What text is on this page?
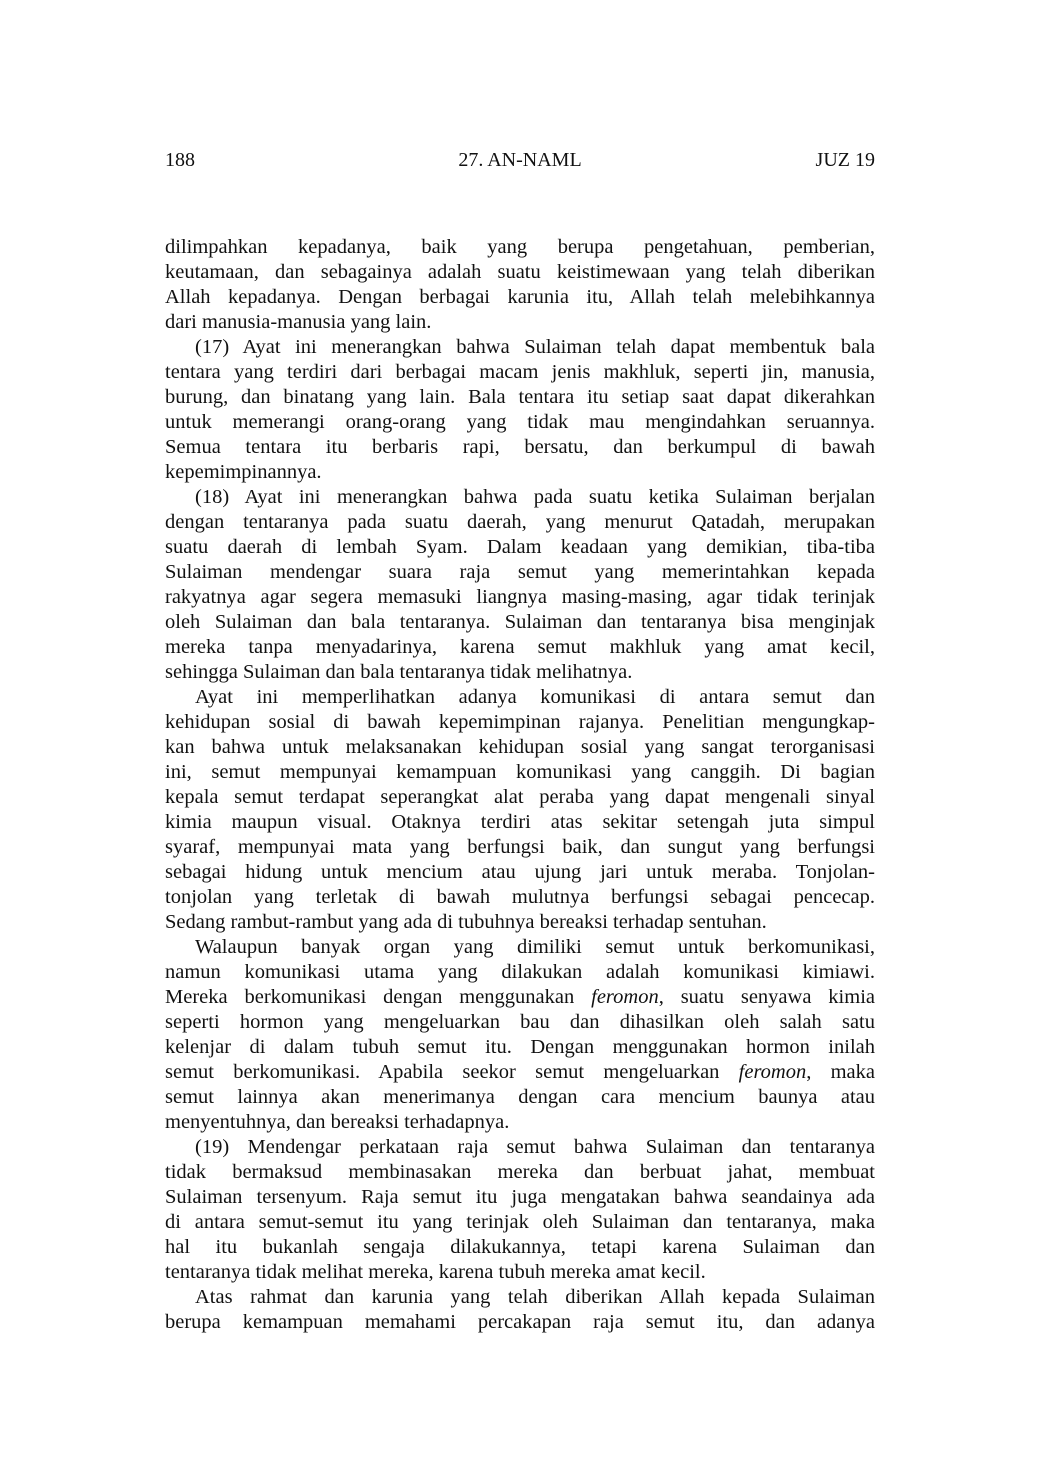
188	27. AN-NAML	JUZ 19
dilimpahkan kepadanya, baik yang berupa pengetahuan, pemberian,
keutamaan, dan sebagainya adalah suatu keistimewaan yang telah diberikan
Allah kepadanya. Dengan berbagai karunia itu, Allah telah melebihkannya
dari manusia-manusia yang lain.
(17) Ayat ini menerangkan bahwa Sulaiman telah dapat membentuk bala
tentara yang terdiri dari berbagai macam jenis makhluk, seperti jin, manusia,
burung, dan binatang yang lain. Bala tentara itu setiap saat dapat dikerahkan
untuk memerangi orang-orang yang tidak mau mengindahkan seruannya.
Semua tentara itu berbaris rapi, bersatu, dan berkumpul di bawah
kepemimpinannya.
(18) Ayat ini menerangkan bahwa pada suatu ketika Sulaiman berjalan
dengan tentaranya pada suatu daerah, yang menurut Qatadah, merupakan
suatu daerah di lembah Syam. Dalam keadaan yang demikian, tiba-tiba
Sulaiman mendengar suara raja semut yang memerintahkan kepada
rakyatnya agar segera memasuki liangnya masing-masing, agar tidak terinjak
oleh Sulaiman dan bala tentaranya. Sulaiman dan tentaranya bisa menginjak
mereka tanpa menyadarinya, karena semut makhluk yang amat kecil,
sehingga Sulaiman dan bala tentaranya tidak melihatnya.
Ayat ini memperlihatkan adanya komunikasi di antara semut dan
kehidupan sosial di bawah kepemimpinan rajanya. Penelitian mengungkap-
kan bahwa untuk melaksanakan kehidupan sosial yang sangat terorganisasi
ini, semut mempunyai kemampuan komunikasi yang canggih. Di bagian
kepala semut terdapat seperangkat alat peraba yang dapat mengenali sinyal
kimia maupun visual. Otaknya terdiri atas sekitar setengah juta simpul
syaraf, mempunyai mata yang berfungsi baik, dan sungut yang berfungsi
sebagai hidung untuk mencium atau ujung jari untuk meraba. Tonjolan-
tonjolan yang terletak di bawah mulutnya berfungsi sebagai pencecap.
Sedang rambut-rambut yang ada di tubuhnya bereaksi terhadap sentuhan.
Walaupun banyak organ yang dimiliki semut untuk berkomunikasi,
namun komunikasi utama yang dilakukan adalah komunikasi kimiawi.
Mereka berkomunikasi dengan menggunakan feromon, suatu senyawa kimia
seperti hormon yang mengeluarkan bau dan dihasilkan oleh salah satu
kelenjar di dalam tubuh semut itu. Dengan menggunakan hormon inilah
semut berkomunikasi. Apabila seekor semut mengeluarkan feromon, maka
semut lainnya akan menerimanya dengan cara mencium baunya atau
menyentuhnya, dan bereaksi terhadapnya.
(19) Mendengar perkataan raja semut bahwa Sulaiman dan tentaranya
tidak bermaksud membinasakan mereka dan berbuat jahat, membuat
Sulaiman tersenyum. Raja semut itu juga mengatakan bahwa seandainya ada
di antara semut-semut itu yang terinjak oleh Sulaiman dan tentaranya, maka
hal itu bukanlah sengaja dilakukannya, tetapi karena Sulaiman dan
tentaranya tidak melihat mereka, karena tubuh mereka amat kecil.
Atas rahmat dan karunia yang telah diberikan Allah kepada Sulaiman
berupa kemampuan memahami percakapan raja semut itu, dan adanya
